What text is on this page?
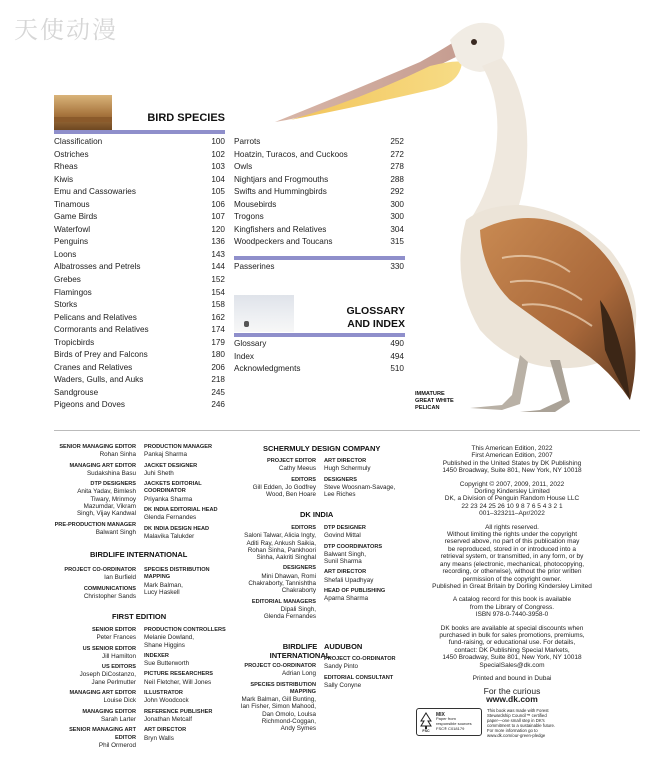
天使动漫
BIRD SPECIES
Classification	100
Ostriches	102
Rheas	103
Kiwis	104
Emu and Cassowaries	105
Tinamous	106
Game Birds	107
Waterfowl	120
Penguins	136
Loons	143
Albatrosses and Petrels	144
Grebes	152
Flamingos	154
Storks	158
Pelicans and Relatives	162
Cormorants and Relatives	174
Tropicbirds	179
Birds of Prey and Falcons	180
Cranes and Relatives	206
Waders, Gulls, and Auks	218
Sandgrouse	245
Pigeons and Doves	246
Parrots	252
Hoatzin, Turacos, and Cuckoos	272
Owls	278
Nightjars and Frogmouths	288
Swifts and Hummingbirds	292
Mousebirds	300
Trogons	300
Kingfishers and Relatives	304
Woodpeckers and Toucans	315
Passerines	330
GLOSSARY
AND INDEX
Glossary	490
Index	494
Acknowledgments	510
IMMATURE
GREAT WHITE
PELICAN
SENIOR MANAGING EDITOR
Rohan Sinha
MANAGING ART EDITOR
Sudakshina Basu
DTP DESIGNERS
Anita Yadav, Bimlesh
Tiwary, Mrinmoy
Mazumdar, Vikram
Singh, Vijay Kandwal
PRE-PRODUCTION MANAGER
Balwant Singh
PRODUCTION MANAGER
Pankaj Sharma
JACKET DESIGNER
Juhi Sheth
JACKETS EDITORIAL COORDINATOR
Priyanka Sharma
DK INDIA EDITORIAL HEAD
Glenda Fernandes
DK INDIA DESIGN HEAD
Malavika Talukder
BIRDLIFE INTERNATIONAL
PROJECT CO-ORDINATOR
Ian Burfield
COMMUNICATIONS
Christopher Sands
SPECIES DISTRIBUTION MAPPING
Mark Balman,
Lucy Haskell
FIRST EDITION
SENIOR EDITOR
Peter Frances
US SENIOR EDITOR
Jill Hamilton
US EDITORS
Joseph DiCostanzo,
Jane Perlmutter
MANAGING ART EDITOR
Louise Dick
MANAGING EDITOR
Sarah Larter
SENIOR MANAGING ART EDITOR
Phil Ormerod
PRODUCTION CONTROLLERS
Melanie Dowland,
Shane Higgins
INDEXER
Sue Butterworth
PICTURE RESEARCHERS
Neil Fletcher, Will Jones
ILLUSTRATOR
John Woodcock
REFERENCE PUBLISHER
Jonathan Metcalf
ART DIRECTOR
Bryn Walls
SCHERMULY DESIGN COMPANY
PROJECT EDITOR
Cathy Meeus
EDITORS
Gill Edden, Jo Godfrey
Wood, Ben Hoare
ART DIRECTOR
Hugh Schermuly
DESIGNERS
Steve Woosnam-Savage,
Lee Riches
DK INDIA
EDITORS
Saloni Talwar, Alicia Ingty,
Aditi Ray, Ankush Saikia,
Rohan Sinha, Pankhoori
Sinha, Aakriti Singhal
DESIGNERS
Mini Dhawan, Romi
Chakraborty, Tannishtha
Chakraborty
EDITORIAL MANAGERS
Dipali Singh,
Glenda Fernandes
DTP DESIGNER
Govind Mittal
DTP COORDINATORS
Balwant Singh,
Sunil Sharma
ART DIRECTOR
Shefali Upadhyay
HEAD OF PUBLISHING
Aparna Sharma
BIRDLIFE
INTERNATIONAL
PROJECT CO-ORDINATOR
Adrian Long
SPECIES DISTRIBUTION MAPPING
Mark Balman, Gill Bunting,
Ian Fisher, Simon Mahood,
Dan Omolo, Loulsa
Richmond-Coggan,
Andy Symes
AUDUBON
PROJECT CO-ORDINATOR
Sandy Pinto
EDITORIAL CONSULTANT
Sally Conyne

This American Edition, 2022
First American Edition, 2007
Published in the United States by DK Publishing
1450 Broadway, Suite 801, New York, NY 10018

Copyright © 2007, 2009, 2011, 2022
Dorling Kindersley Limited
DK, a Division of Penguin Random House LLC
22 23 24 25 26 10 9 8 7 6 5 4 3 2 1
001–323211–Apr/2022

All rights reserved.
Without limiting the rights under the copyright
reserved above, no part of this publication may
be reproduced, stored in or introduced into a
retrieval system, or transmitted, in any form, or by
any means (electronic, mechanical, photocopying,
recording, or otherwise), without the prior written
permission of the copyright owner.
Published in Great Britain by Dorling Kindersley Limited

A catalog record for this book is available
from the Library of Congress.
ISBN 978-0-7440-3958-0

DK books are available at special discounts when
purchased in bulk for sales promotions, premiums,
fund-raising, or educational use. For details,
contact: DK Publishing Special Markets,
1450 Broadway, Suite 801, New York, NY 10018
SpecialSales@dk.com

Printed and bound in Dubai

For the curious

www.dk.com
FSC
MIX
Paper from
responsible sources
FSC® C018179
This book was made with Forest
Stewardship Council™ certified
paper—one small step in DK's
commitment to a sustainable future.
For more information go to
www.dk.com/our-green-pledge
